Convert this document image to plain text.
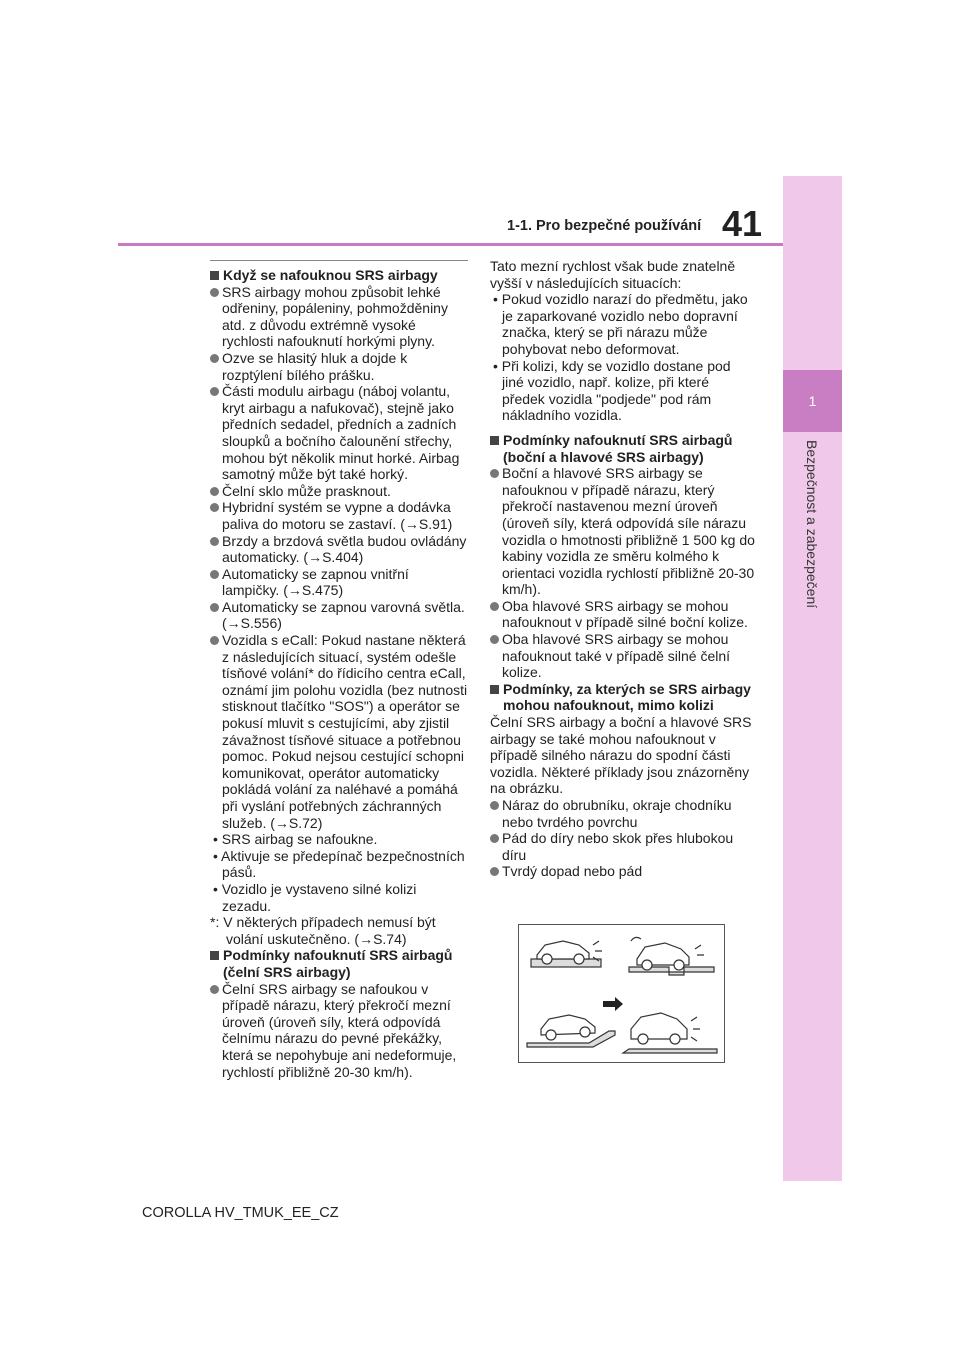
41
1-1. Pro bezpečné používání
1
Bezpečnost a zabezpečení

Když se nafouknou SRS airbagy

SRS airbagy mohou způsobit lehké odřeniny, popáleniny, pohmožděniny atd. z důvodu extrémně vysoké rychlosti nafouknutí horkými plyny.

Ozve se hlasitý hluk a dojde k rozptýlení bílého prášku.

Části modulu airbagu (náboj volantu, kryt airbagu a nafukovač), stejně jako předních sedadel, předních a zadních sloupků a bočního čalounění střechy, mohou být několik minut horké. Airbag samotný může být také horký.

Čelní sklo může prasknout.

Hybridní systém se vypne a dodávka paliva do motoru se zastaví. (→S.91)

Brzdy a brzdová světla budou ovládány automaticky. (→S.404)

Automaticky se zapnou vnitřní lampičky. (→S.475)

Automaticky se zapnou varovná světla. (→S.556)

Vozidla s eCall: Pokud nastane některá z následujících situací, systém odešle tísňové volání* do řídicího centra eCall, oznámí jim polohu vozidla (bez nutnosti stisknout tlačítko "SOS") a operátor se pokusí mluvit s cestujícími, aby zjistil závažnost tísňové situace a potřebnou pomoc. Pokud nejsou cestující schopni komunikovat, operátor automaticky pokládá volání za naléhavé a pomáhá při vyslání potřebných záchranných služeb. (→S.72)

• SRS airbag se nafoukne.

• Aktivuje se předepínač bezpečnostních pásů.

• Vozidlo je vystaveno silné kolizi zezadu.

*: V některých případech nemusí být volání uskutečněno. (→S.74)

Podmínky nafouknutí SRS airbagů (čelní SRS airbagy)

Čelní SRS airbagy se nafoukou v případě nárazu, který překročí mezní úroveň (úroveň síly, která odpovídá čelnímu nárazu do pevné překážky, která se nepohybuje ani nedeformuje, rychlostí přibližně 20-30 km/h).

Tato mezní rychlost však bude znatelně vyšší v následujících situacích:

• Pokud vozidlo narazí do předmětu, jako je zaparkované vozidlo nebo dopravní značka, který se při nárazu může pohybovat nebo deformovat.

• Při kolizi, kdy se vozidlo dostane pod jiné vozidlo, např. kolize, při které předek vozidla "podjede" pod rám nákladního vozidla.

Podmínky nafouknutí SRS airbagů (boční a hlavové SRS airbagy)

Boční a hlavové SRS airbagy se nafouknou v případě nárazu, který překročí nastavenou mezní úroveň (úroveň síly, která odpovídá síle nárazu vozidla o hmotnosti přibližně 1 500 kg do kabiny vozidla ze směru kolmého k orientaci vozidla rychlostí přibližně 20-30 km/h).

Oba hlavové SRS airbagy se mohou nafouknout v případě silné boční kolize.

Oba hlavové SRS airbagy se mohou nafouknout také v případě silné čelní kolize.

Podmínky, za kterých se SRS airbagy mohou nafouknout, mimo kolizi

Čelní SRS airbagy a boční a hlavové SRS airbagy se také mohou nafouknout v případě silného nárazu do spodní části vozidla. Některé příklady jsou znázorněny na obrázku.

Náraz do obrubníku, okraje chodníku nebo tvrdého povrchu

Pád do díry nebo skok přes hlubokou díru

Tvrdý dopad nebo pád

COROLLA HV_TMUK_EE_CZ
